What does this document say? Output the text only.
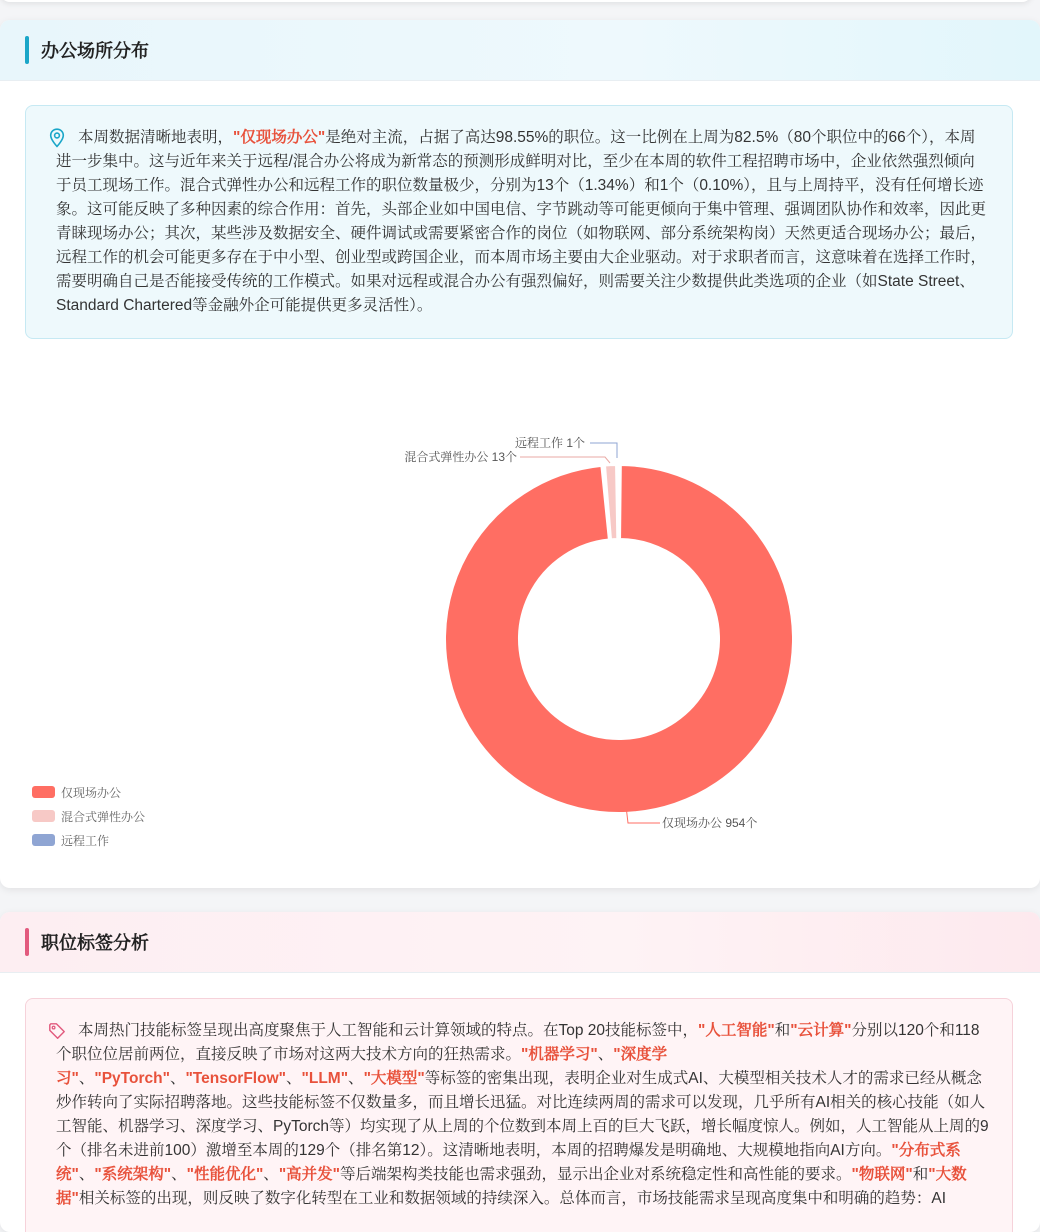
办公场所分布

本周数据清晰地表明，"仅现场办公"是绝对主流，占据了高达98.55%的职位。这一比例在上周为82.5%（80个职位中的66个），本周进一步集中。这与近年来关于远程/混合办公将成为新常态的预测形成鲜明对比，至少在本周的软件工程招聘市场中，企业依然强烈倾向于员工现场工作。混合式弹性办公和远程工作的职位数量极少，分别为13个（1.34%）和1个（0.10%），且与上周持平，没有任何增长迹象。这可能反映了多种因素的综合作用：首先，头部企业如中国电信、字节跳动等可能更倾向于集中管理、强调团队协作和效率，因此更青睐现场办公；其次，某些涉及数据安全、硬件调试或需要紧密合作的岗位（如物联网、部分系统架构岗）天然更适合现场办公；最后，远程工作的机会可能更多存在于中小型、创业型或跨国企业，而本周市场主要由大企业驱动。对于求职者而言，这意味着在选择工作时，需要明确自己是否能接受传统的工作模式。如果对远程或混合办公有强烈偏好，则需要关注少数提供此类选项的企业（如State Street、Standard Chartered等金融外企可能提供更多灵活性）。

仅现场办公 954个
混合式弹性办公 13个
远程工作 1个
仅现场办公
混合式弹性办公
远程工作
职位标签分析

本周热门技能标签呈现出高度聚焦于人工智能和云计算领域的特点。在Top 20技能标签中，"人工智能"和"云计算"分别以120个和118个职位位居前两位，直接反映了市场对这两大技术方向的狂热需求。"机器学习"、"深度学习"、"PyTorch"、"TensorFlow"、"LLM"、"大模型"等标签的密集出现，表明企业对生成式AI、大模型相关技术人才的需求已经从概念炒作转向了实际招聘落地。这些技能标签不仅数量多，而且增长迅猛。对比连续两周的需求可以发现，几乎所有AI相关的核心技能（如人工智能、机器学习、深度学习、PyTorch等）均实现了从上周的个位数到本周上百的巨大飞跃，增长幅度惊人。例如，人工智能从上周的9个（排名未进前100）激增至本周的129个（排名第12）。这清晰地表明，本周的招聘爆发是明确地、大规模地指向AI方向。"分布式系统"、"系统架构"、"性能优化"、"高并发"等后端架构类技能也需求强劲，显示出企业对系统稳定性和高性能的要求。"物联网"和"大数据"相关标签的出现，则反映了数字化转型在工业和数据领域的持续深入。总体而言，市场技能需求呈现高度集中和明确的趋势：AI
